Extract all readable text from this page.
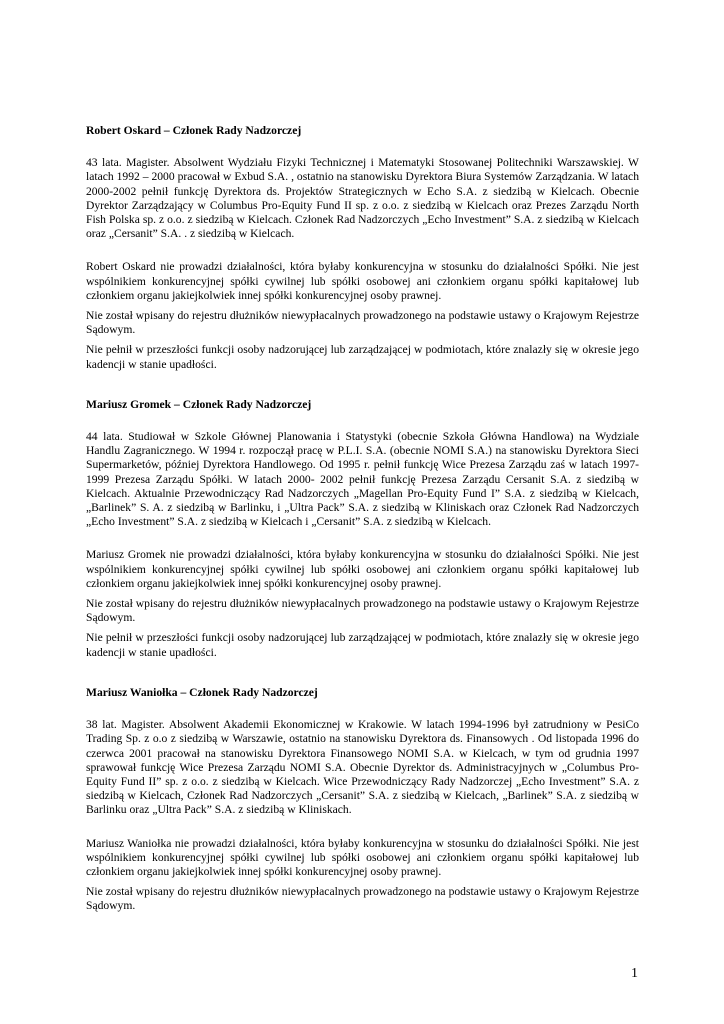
Robert Oskard – Członek Rady Nadzorczej

43 lata. Magister. Absolwent Wydziału Fizyki Technicznej i Matematyki Stosowanej Politechniki Warszawskiej. W latach 1992 – 2000 pracował w Exbud S.A. , ostatnio na stanowisku Dyrektora Biura Systemów Zarządzania. W latach 2000-2002 pełnił funkcję Dyrektora ds. Projektów Strategicznych w Echo S.A. z siedzibą w Kielcach. Obecnie Dyrektor Zarządzający w Columbus Pro-Equity Fund II sp. z o.o. z siedzibą w Kielcach oraz Prezes Zarządu North Fish Polska sp. z o.o. z siedzibą w Kielcach. Członek Rad Nadzorczych „Echo Investment” S.A. z siedzibą w Kielcach oraz „Cersanit” S.A. . z siedzibą w Kielcach.

Robert Oskard nie prowadzi działalności, która byłaby konkurencyjna w stosunku do działalności Spółki. Nie jest wspólnikiem konkurencyjnej spółki cywilnej lub spółki osobowej ani członkiem organu spółki kapitałowej lub członkiem organu jakiejkolwiek innej spółki konkurencyjnej osoby prawnej.

Nie został wpisany do rejestru dłużników niewypłacalnych prowadzonego na podstawie ustawy o Krajowym Rejestrze Sądowym.

Nie pełnił w przeszłości funkcji osoby nadzorującej lub zarządzającej w podmiotach, które znalazły się w okresie jego kadencji w stanie upadłości.

Mariusz Gromek – Członek Rady Nadzorczej

44 lata. Studiował w Szkole Głównej Planowania i Statystyki (obecnie Szkoła Główna Handlowa) na Wydziale Handlu Zagranicznego. W 1994 r. rozpoczął pracę w P.L.I. S.A. (obecnie NOMI S.A.) na stanowisku Dyrektora Sieci Supermarketów, później Dyrektora Handlowego. Od 1995 r. pełnił funkcję Wice Prezesa Zarządu zaś w latach 1997-1999 Prezesa Zarządu Spółki. W latach 2000- 2002 pełnił funkcję Prezesa Zarządu Cersanit S.A. z siedzibą w Kielcach. Aktualnie Przewodniczący Rad Nadzorczych „Magellan Pro-Equity Fund I” S.A. z siedzibą w Kielcach, „Barlinek” S. A. z siedzibą w Barlinku, i „Ultra Pack” S.A. z siedzibą w Kliniskach oraz Członek Rad Nadzorczych „Echo Investment” S.A. z siedzibą w Kielcach i „Cersanit” S.A. z siedzibą w Kielcach.

Mariusz Gromek nie prowadzi działalności, która byłaby konkurencyjna w stosunku do działalności Spółki. Nie jest wspólnikiem konkurencyjnej spółki cywilnej lub spółki osobowej ani członkiem organu spółki kapitałowej lub członkiem organu jakiejkolwiek innej spółki konkurencyjnej osoby prawnej.

Nie został wpisany do rejestru dłużników niewypłacalnych prowadzonego na podstawie ustawy o Krajowym Rejestrze Sądowym.

Nie pełnił w przeszłości funkcji osoby nadzorującej lub zarządzającej w podmiotach, które znalazły się w okresie jego kadencji w stanie upadłości.

Mariusz Waniołka – Członek Rady Nadzorczej

38 lat. Magister. Absolwent Akademii Ekonomicznej w Krakowie. W latach 1994-1996 był zatrudniony w PesiCo Trading Sp. z o.o z siedzibą w Warszawie, ostatnio na stanowisku Dyrektora ds. Finansowych . Od listopada 1996 do czerwca 2001 pracował na stanowisku Dyrektora Finansowego NOMI S.A. w Kielcach, w tym od grudnia 1997 sprawował funkcję Wice Prezesa Zarządu NOMI S.A. Obecnie Dyrektor ds. Administracyjnych w „Columbus Pro-Equity Fund II” sp. z o.o. z siedzibą w Kielcach. Wice Przewodniczący Rady Nadzorczej „Echo Investment” S.A. z siedzibą w Kielcach, Członek Rad Nadzorczych „Cersanit” S.A. z siedzibą w Kielcach, „Barlinek” S.A. z siedzibą w Barlinku oraz „Ultra Pack” S.A. z siedzibą w Kliniskach.

Mariusz Waniołka nie prowadzi działalności, która byłaby konkurencyjna w stosunku do działalności Spółki. Nie jest wspólnikiem konkurencyjnej spółki cywilnej lub spółki osobowej ani członkiem organu spółki kapitałowej lub członkiem organu jakiejkolwiek innej spółki konkurencyjnej osoby prawnej.

Nie został wpisany do rejestru dłużników niewypłacalnych prowadzonego na podstawie ustawy o Krajowym Rejestrze Sądowym.

1
